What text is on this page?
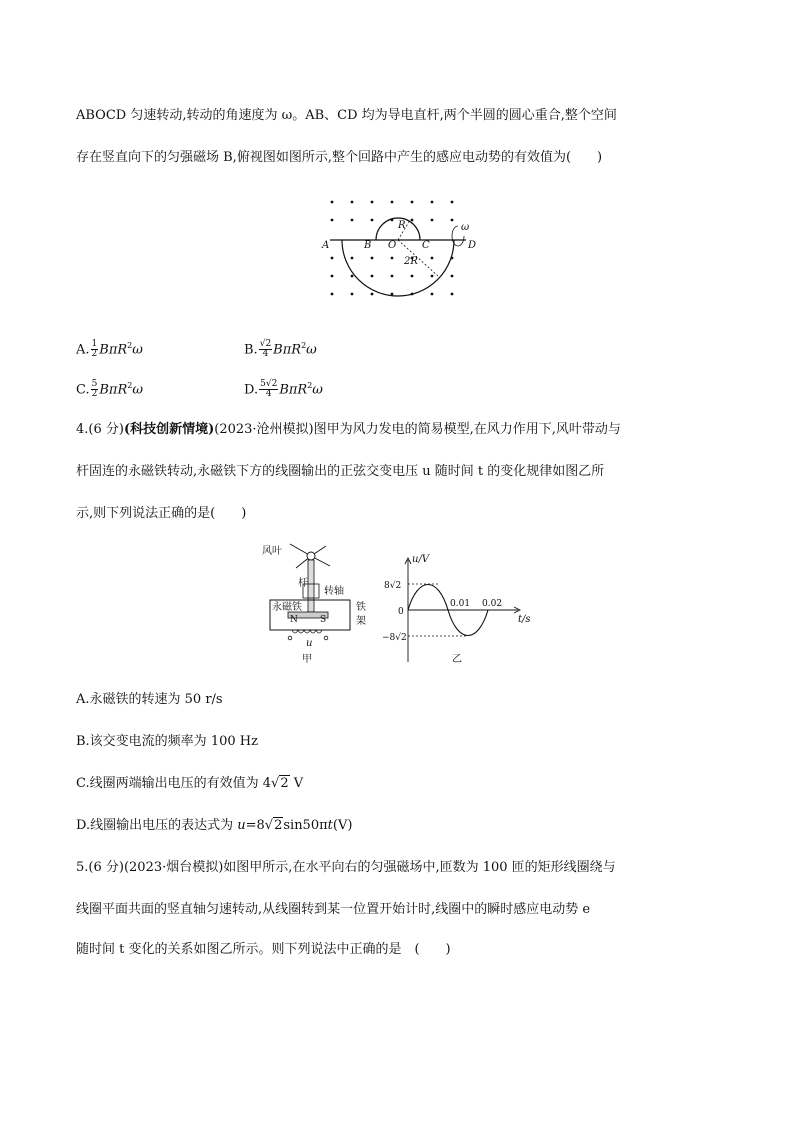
ABOCD 匀速转动,转动的角速度为 ω。AB、CD 均为导电直杆,两个半圆的圆心重合,整个空间
存在竖直向下的匀强磁场 B,俯视图如图所示,整个回路中产生的感应电动势的有效值为(　　)
A	B O	C	D
R
2R
ω
A. $\frac{1}{2} B\pi R^2\omega$	B. $\frac{√2}{4} B\pi R^2\omega$
C. $\frac{5}{2} B\pi R^2\omega$	D. $\frac{5√2}{4} B\pi R^2\omega$
4.(6 分)(科技创新情境)(2023·沧州模拟)图甲为风力发电的简易模型,在风力作用下,风叶带动与
杆固连的永磁铁转动,永磁铁下方的线圈输出的正弦交变电压 u 随时间 t 的变化规律如图乙所
示,则下列说法正确的是(　　)
风叶
杆
转轴
永磁铁	铁
架
N S
u
甲
u/V
t/s
8√2
−8√2
0
0.01 0.02
乙
A.永磁铁的转速为 50 r/s
B.该交变电流的频率为 100 Hz
C.线圈两端输出电压的有效值为 4√2 V
D.线圈输出电压的表达式为 u=8√2sin50πt(V)
5.(6 分)(2023·烟台模拟)如图甲所示,在水平向右的匀强磁场中,匝数为 100 匝的矩形线圈绕与
线圈平面共面的竖直轴匀速转动,从线圈转到某一位置开始计时,线圈中的瞬时感应电动势 e
随时间 t 变化的关系如图乙所示。则下列说法中正确的是　(　　)
